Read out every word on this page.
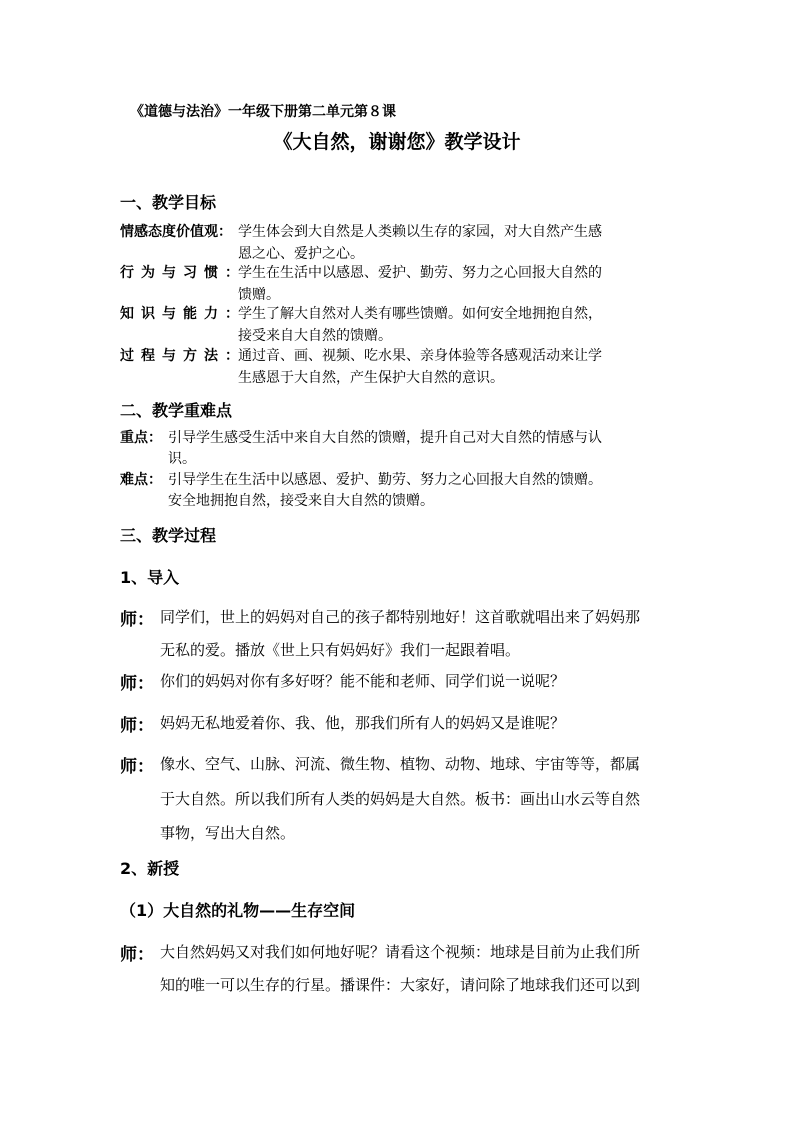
《道德与法治》一年级下册第二单元第８课
《大自然，谢谢您》教学设计
一、教学目标
情感态度价值观： 学生体会到大自然是人类赖以生存的家园，对大自然产生感
恩之心、爱护之心。
行为与习惯：
学生在生活中以感恩、爱护、勤劳、努力之心回报大自然的
馈赠。
知识与能力：
学生了解大自然对人类有哪些馈赠。如何安全地拥抱自然，
接受来自大自然的馈赠。
过程与方法：
通过音、画、视频、吃水果、亲身体验等各感观活动来让学
生感恩于大自然，产生保护大自然的意识。
二、教学重难点
重点： 引导学生感受生活中来自大自然的馈赠，提升自己对大自然的情感与认
识。
难点： 引导学生在生活中以感恩、爱护、勤劳、努力之心回报大自然的馈赠。
安全地拥抱自然，接受来自大自然的馈赠。
三、教学过程
1、导入
师： 同学们，世上的妈妈对自己的孩子都特别地好！这首歌就唱出来了妈妈那
无私的爱。播放《世上只有妈妈好》我们一起跟着唱。
师： 你们的妈妈对你有多好呀？能不能和老师、同学们说一说呢？
师： 妈妈无私地爱着你、我、他，那我们所有人的妈妈又是谁呢？
师： 像水、空气、山脉、河流、微生物、植物、动物、地球、宇宙等等，都属
于大自然。所以我们所有人类的妈妈是大自然。板书：画出山水云等自然
事物，写出大自然。
2、新授
（1）大自然的礼物——生存空间
师： 大自然妈妈又对我们如何地好呢？请看这个视频：地球是目前为止我们所
知的唯一可以生存的行星。播课件：大家好，请问除了地球我们还可以到
